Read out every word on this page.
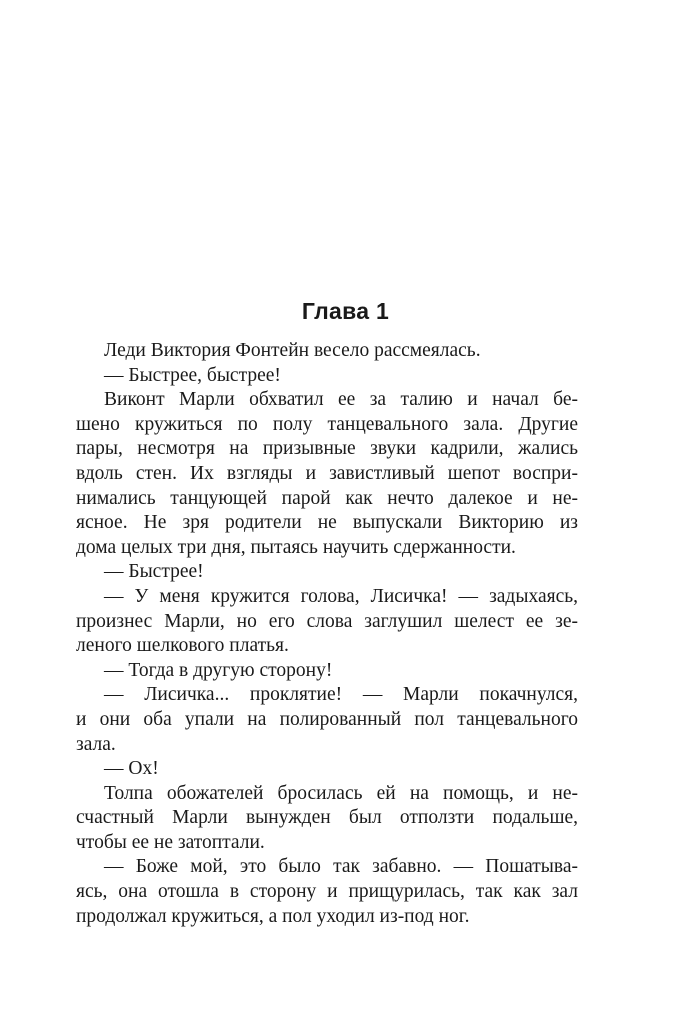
Глава 1
Леди Виктория Фонтейн весело рассмеялась.
— Быстрее, быстрее!
Виконт Марли обхватил ее за талию и начал бе-
шено кружиться по полу танцевального зала. Другие
пары, несмотря на призывные звуки кадрили, жались
вдоль стен. Их взгляды и завистливый шепот воспри-
нимались танцующей парой как нечто далекое и не-
ясное. Не зря родители не выпускали Викторию из
дома целых три дня, пытаясь научить сдержанности.
— Быстрее!
— У меня кружится голова, Лисичка! — задыхаясь,
произнес Марли, но его слова заглушил шелест ее зе-
леного шелкового платья.
— Тогда в другую сторону!
— Лисичка... проклятие! — Марли покачнулся,
и они оба упали на полированный пол танцевального
зала.
— Ох!
Толпа обожателей бросилась ей на помощь, и не-
счастный Марли вынужден был отползти подальше,
чтобы ее не затоптали.
— Боже мой, это было так забавно. — Пошатыва-
ясь, она отошла в сторону и прищурилась, так как зал
продолжал кружиться, а пол уходил из-под ног.
